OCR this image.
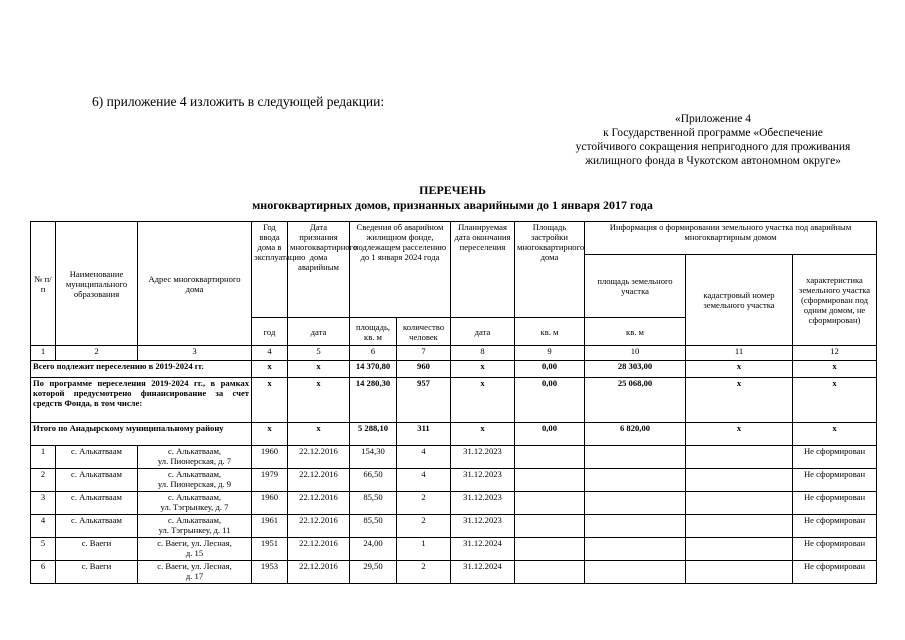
6) приложение 4 изложить в следующей редакции:
«Приложение 4
к Государственной программе «Обеспечение
устойчивого сокращения непригодного для проживания
жилищного фонда в Чукотском автономном округе»
ПЕРЕЧЕНЬ
многоквартирных домов, признанных аварийными до 1 января 2017 года
№ п/п	Наименование муниципального образования	Адрес многоквартирного дома	Год ввода дома в эксплуатацию	Дата признания многоквартирного дома аварийным	Сведения об аварийном жилищном фонде, подлежащем расселению до 1 января 2024 года		Планируемая дата окончания переселения	Площадь застройки многоквартирного дома	Информация о формировании земельного участка под аварийным многоквартирным домом		
									площадь земельного участка	кадастровый номер земельного участка	характеристика земельного участка (сформирован под одним домом, не сформирован)
			год	дата	площадь, кв. м	количество человек	дата	кв. м	кв. м		
1	2	3	4	5	6	7	8	9	10	11	12
Всего подлежит переселению в 2019-2024 гг.			х	х	14 370,80	960	х	0,00	28 303,00	х	х
По программе переселения 2019-2024 гг., в рамках которой предусмотрено финансирование за счет средств Фонда, в том числе:			х	х	14 280,30	957	х	0,00	25 068,00	х	х
Итого по Анадырскому муниципальному району			х	х	5 288,10	311	х	0,00	6 820,00	х	х
1	с. Алькатваам	с. Алькатваам,
ул. Пионерская, д. 7	1960	22.12.2016	154,30	4	31.12.2023				Не сформирован
2	с. Алькатваам	с. Алькатваам,
ул. Пионерская, д. 9	1979	22.12.2016	66,50	4	31.12.2023				Не сформирован
3	с. Алькатваам	с. Алькатваам,
ул. Тэгрынкеу, д. 7	1960	22.12.2016	85,50	2	31.12.2023				Не сформирован
4	с. Алькатваам	с. Алькатваам,
ул. Тэгрынкеу, д. 11	1961	22.12.2016	85,50	2	31.12.2023				Не сформирован
5	с. Ваеги	с. Ваеги, ул. Лесная,
д. 15	1951	22.12.2016	24,00	1	31.12.2024				Не сформирован
6	с. Ваеги	с. Ваеги, ул. Лесная,
д. 17	1953	22.12.2016	29,50	2	31.12.2024				Не сформирован
